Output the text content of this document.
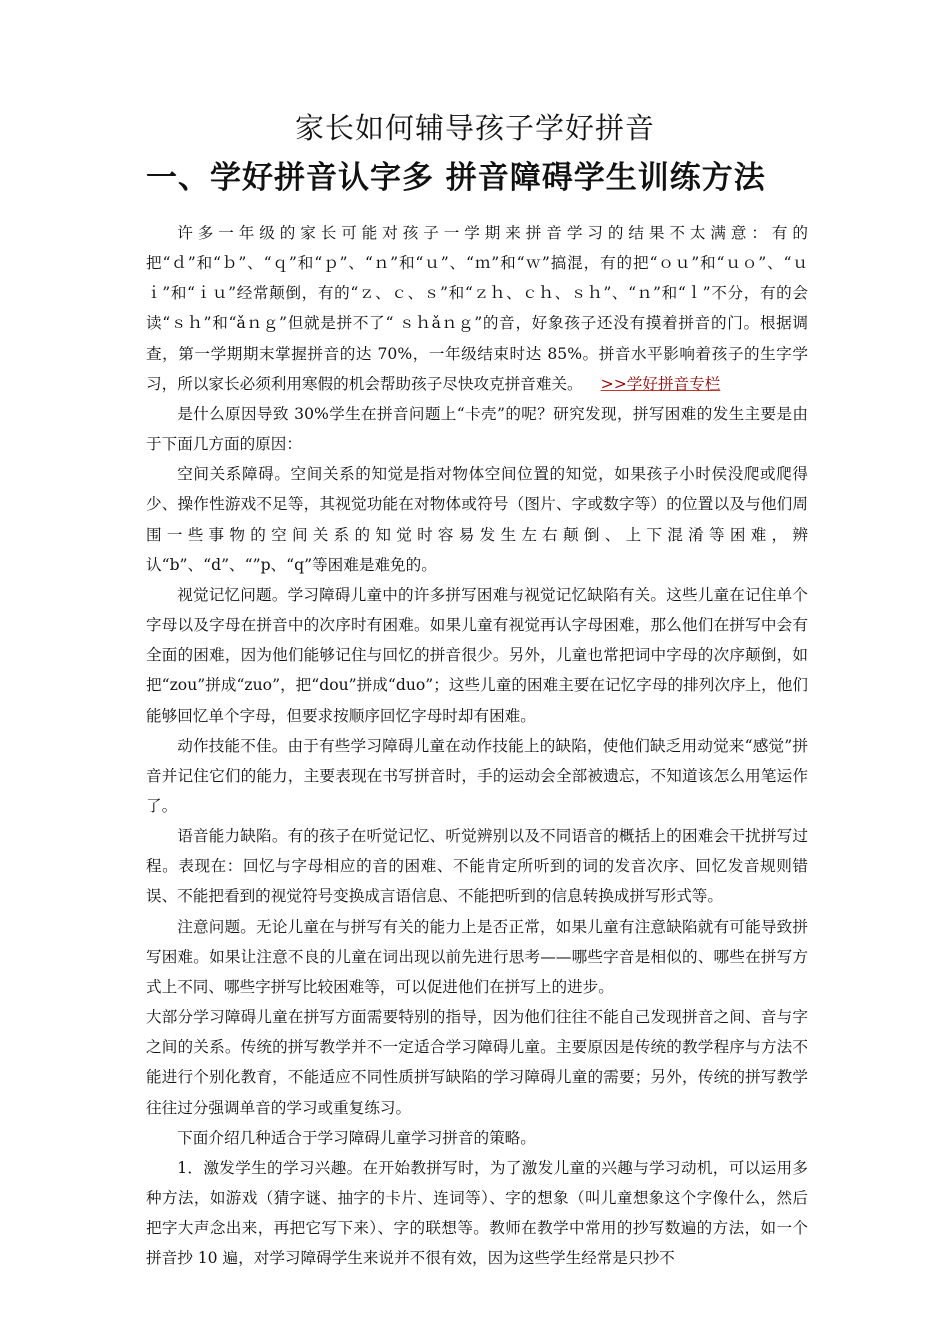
家长如何辅导孩子学好拼音
一、学好拼音认字多 拼音障碍学生训练方法

许多一年级的家长可能对孩子一学期来拼音学习的结果不太满意：有的把“ｄ”和“ｂ”、“ｑ”和“ｐ”、“ｎ”和“ｕ”、“ｍ”和“ｗ”搞混，有的把“ｏｕ”和“ｕｏ”、“ｕｉ”和“ｉｕ”经常颠倒，有的“ｚ、ｃ、ｓ”和“ｚｈ、ｃｈ、ｓｈ”、“ｎ”和“ｌ”不分，有的会读“ｓｈ”和“ǎｎｇ”但就是拼不了“ ｓｈǎｎｇ”的音，好象孩子还没有摸着拼音的门。根据调查，第一学期期末掌握拼音的达 70%，一年级结束时达 85%。拼音水平影响着孩子的生字学习，所以家长必须利用寒假的机会帮助孩子尽快攻克拼音难关。 >>学好拼音专栏

是什么原因导致 30%学生在拼音问题上“卡壳”的呢？研究发现，拼写困难的发生主要是由于下面几方面的原因：

空间关系障碍。空间关系的知觉是指对物体空间位置的知觉，如果孩子小时侯没爬或爬得少、操作性游戏不足等，其视觉功能在对物体或符号（图片、字或数字等）的位置以及与他们周围一些事物的空间关系的知觉时容易发生左右颠倒、上下混淆等困难，辨认“b”、“d”、“”p、“q”等困难是难免的。

视觉记忆问题。学习障碍儿童中的许多拼写困难与视觉记忆缺陷有关。这些儿童在记住单个字母以及字母在拼音中的次序时有困难。如果儿童有视觉再认字母困难，那么他们在拼写中会有全面的困难，因为他们能够记住与回忆的拼音很少。另外，儿童也常把词中字母的次序颠倒，如把“zou”拼成“zuo”，把“dou”拼成“duo”；这些儿童的困难主要在记忆字母的排列次序上，他们能够回忆单个字母，但要求按顺序回忆字母时却有困难。

动作技能不佳。由于有些学习障碍儿童在动作技能上的缺陷，使他们缺乏用动觉来“感觉”拼音并记住它们的能力，主要表现在书写拼音时，手的运动会全部被遗忘，不知道该怎么用笔运作了。

语音能力缺陷。有的孩子在听觉记忆、听觉辨别以及不同语音的概括上的困难会干扰拼写过程。表现在：回忆与字母相应的音的困难、不能肯定所听到的词的发音次序、回忆发音规则错误、不能把看到的视觉符号变换成言语信息、不能把听到的信息转换成拼写形式等。

注意问题。无论儿童在与拼写有关的能力上是否正常，如果儿童有注意缺陷就有可能导致拼写困难。如果让注意不良的儿童在词出现以前先进行思考——哪些字音是相似的、哪些在拼写方式上不同、哪些字拼写比较困难等，可以促进他们在拼写上的进步。

大部分学习障碍儿童在拼写方面需要特别的指导，因为他们往往不能自己发现拼音之间、音与字之间的关系。传统的拼写教学并不一定适合学习障碍儿童。主要原因是传统的教学程序与方法不能进行个别化教育，不能适应不同性质拼写缺陷的学习障碍儿童的需要；另外，传统的拼写教学往往过分强调单音的学习或重复练习。

下面介绍几种适合于学习障碍儿童学习拼音的策略。

1．激发学生的学习兴趣。在开始教拼写时，为了激发儿童的兴趣与学习动机，可以运用多种方法，如游戏（猜字谜、抽字的卡片、连词等）、字的想象（叫儿童想象这个字像什么，然后把字大声念出来，再把它写下来）、字的联想等。教师在教学中常用的抄写数遍的方法，如一个拼音抄 10 遍，对学习障碍学生来说并不很有效，因为这些学生经常是只抄不
